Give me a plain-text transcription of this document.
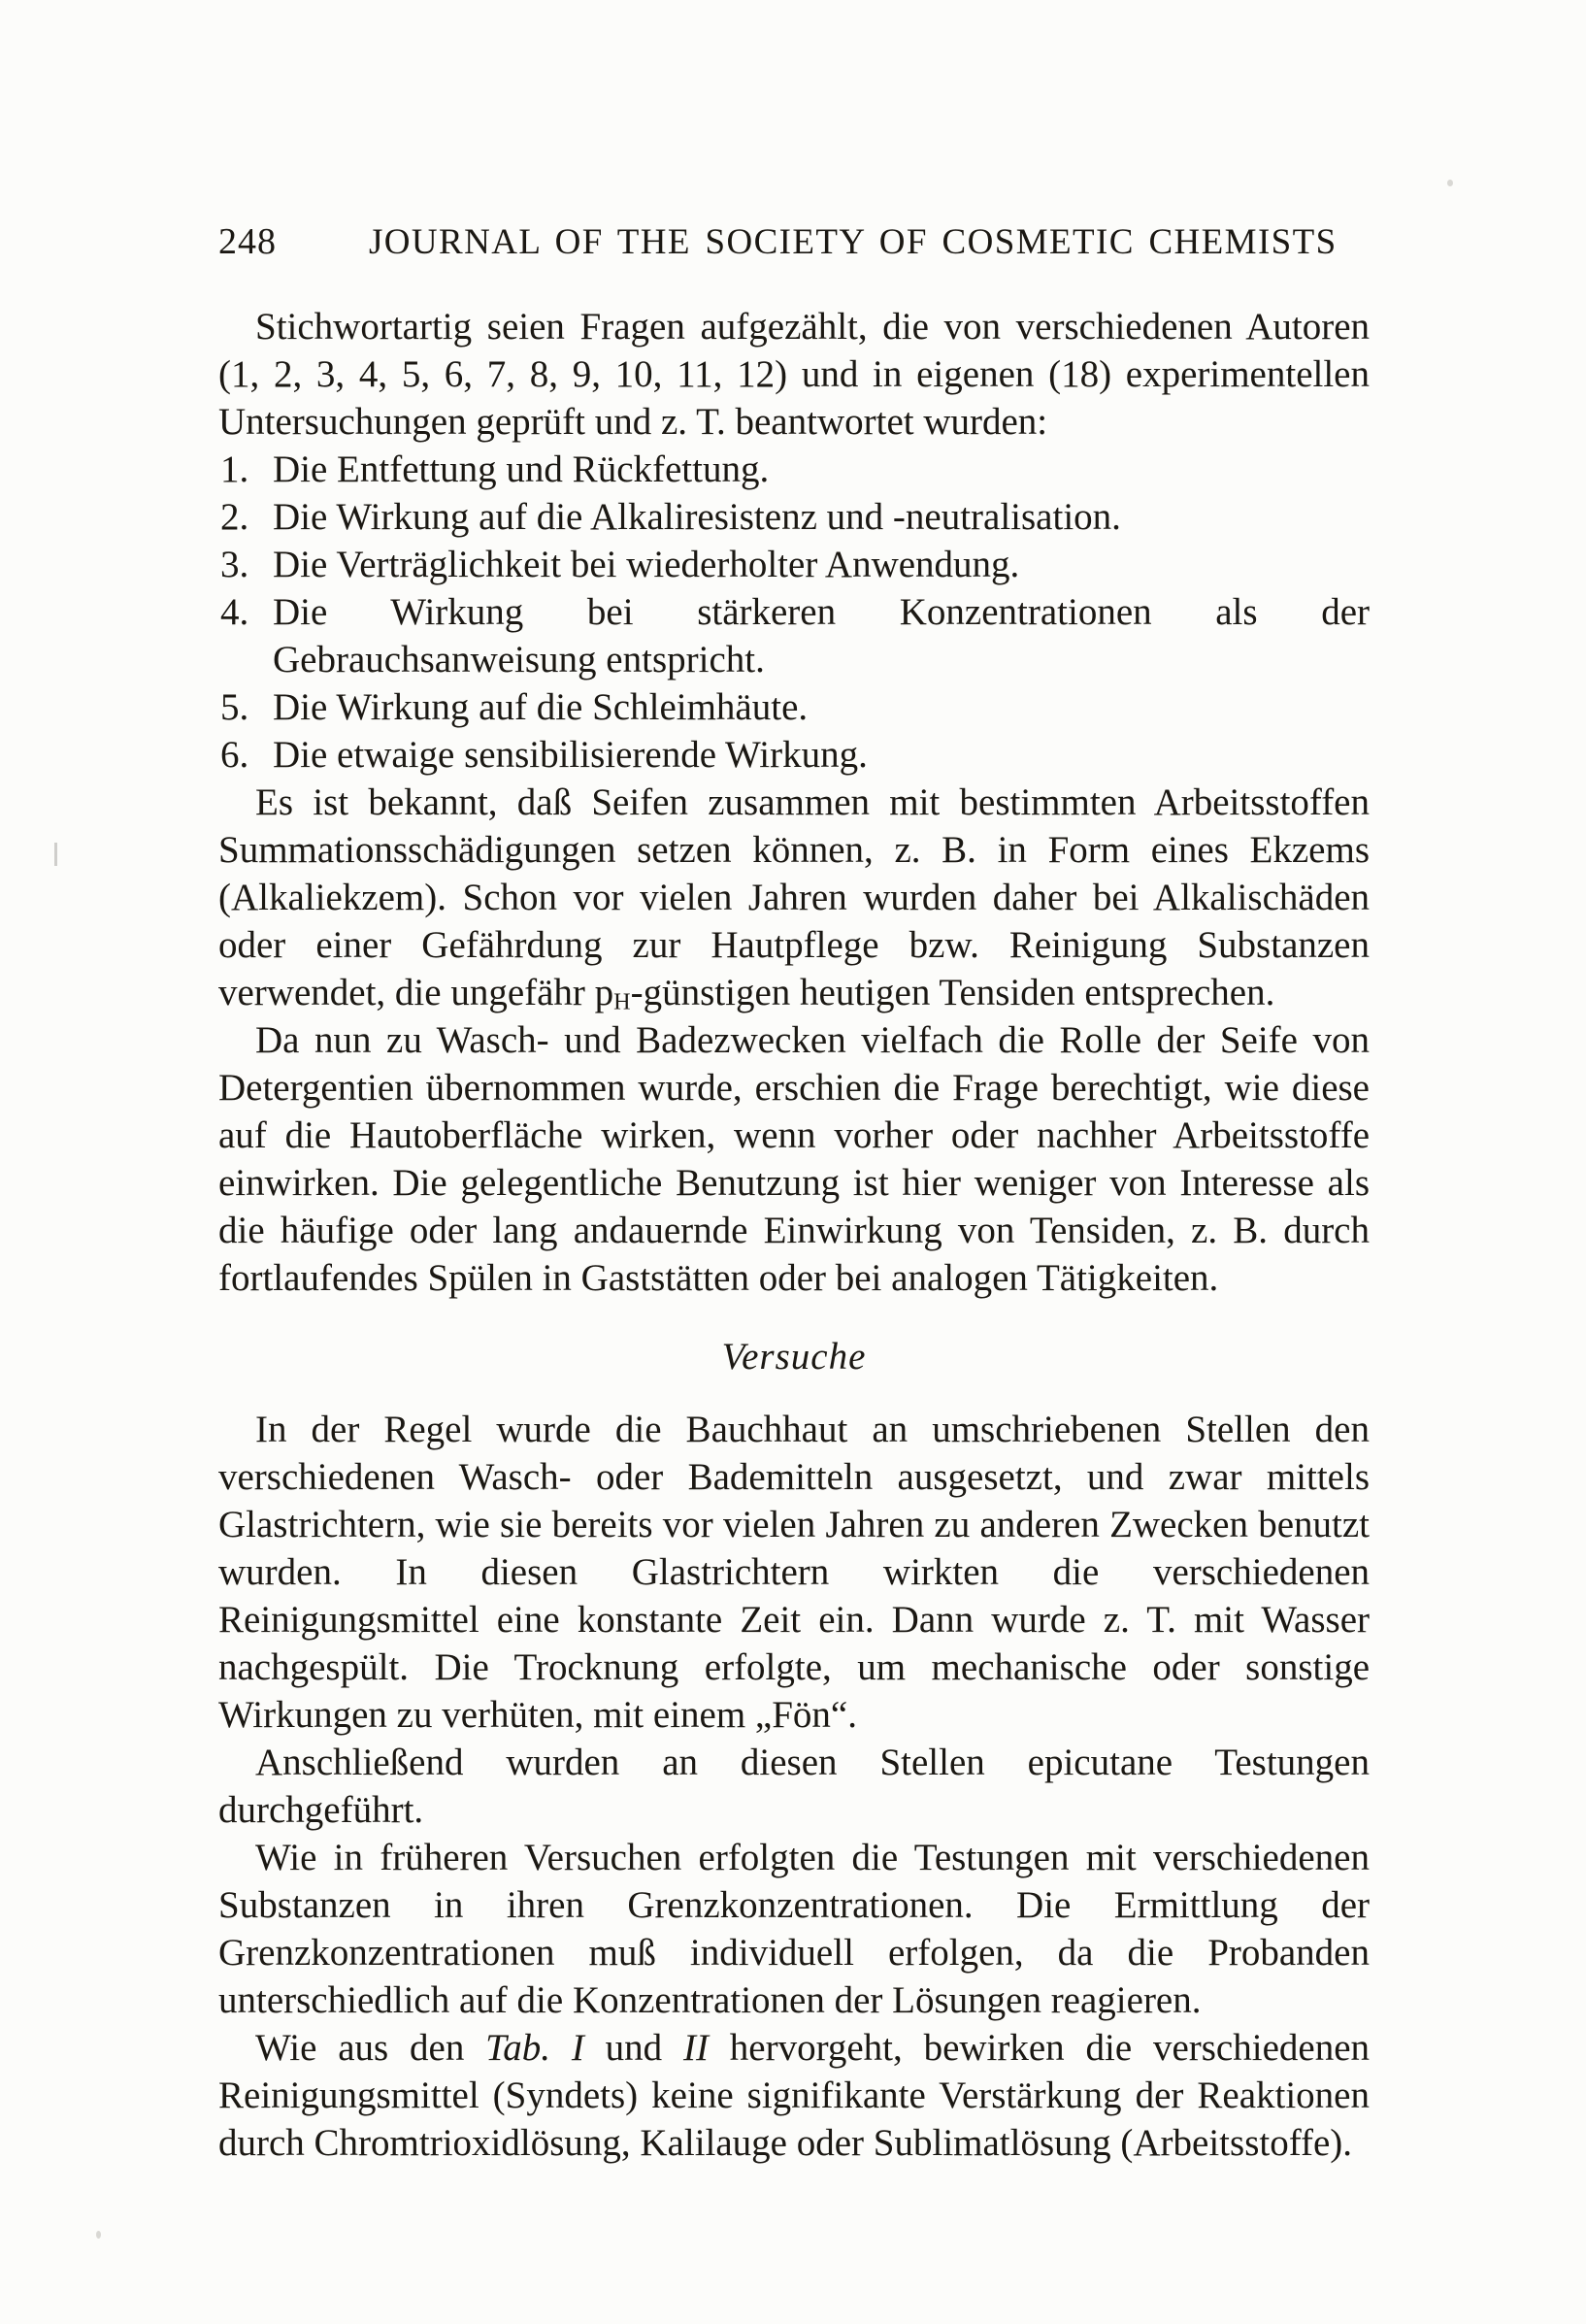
248	JOURNAL OF THE SOCIETY OF COSMETIC CHEMISTS

Stichwortartig seien Fragen aufgezählt, die von verschiedenen Autoren (1, 2, 3, 4, 5, 6, 7, 8, 9, 10, 11, 12) und in eigenen (18) experimentellen Untersuchungen geprüft und z. T. beantwortet wurden:

1. Die Entfettung und Rückfettung.
2. Die Wirkung auf die Alkaliresistenz und -neutralisation.
3. Die Verträglichkeit bei wiederholter Anwendung.
4. Die Wirkung bei stärkeren Konzentrationen als der Gebrauchsanweisung entspricht.
5. Die Wirkung auf die Schleimhäute.
6. Die etwaige sensibilisierende Wirkung.

Es ist bekannt, daß Seifen zusammen mit bestimmten Arbeitsstoffen Summationsschädigungen setzen können, z. B. in Form eines Ekzems (Alkaliekzem). Schon vor vielen Jahren wurden daher bei Alkalischäden oder einer Gefährdung zur Hautpflege bzw. Reinigung Substanzen verwendet, die ungefähr $p_H$-günstigen heutigen Tensiden entsprechen.

Da nun zu Wasch- und Badezwecken vielfach die Rolle der Seife von Detergentien übernommen wurde, erschien die Frage berechtigt, wie diese auf die Hautoberfläche wirken, wenn vorher oder nachher Arbeitsstoffe einwirken. Die gelegentliche Benutzung ist hier weniger von Interesse als die häufige oder lang andauernde Einwirkung von Tensiden, z. B. durch fortlaufendes Spülen in Gaststätten oder bei analogen Tätigkeiten.

Versuche

In der Regel wurde die Bauchhaut an umschriebenen Stellen den verschiedenen Wasch- oder Bademitteln ausgesetzt, und zwar mittels Glastrichtern, wie sie bereits vor vielen Jahren zu anderen Zwecken benutzt wurden. In diesen Glastrichtern wirkten die verschiedenen Reinigungsmittel eine konstante Zeit ein. Dann wurde z. T. mit Wasser nachgespült. Die Trocknung erfolgte, um mechanische oder sonstige Wirkungen zu verhüten, mit einem „Fön“.

Anschließend wurden an diesen Stellen epicutane Testungen durchgeführt.

Wie in früheren Versuchen erfolgten die Testungen mit verschiedenen Substanzen in ihren Grenzkonzentrationen. Die Ermittlung der Grenzkonzentrationen muß individuell erfolgen, da die Probanden unterschiedlich auf die Konzentrationen der Lösungen reagieren.

Wie aus den Tab. I und II hervorgeht, bewirken die verschiedenen Reinigungsmittel (Syndets) keine signifikante Verstärkung der Reaktionen durch Chromtrioxidlösung, Kalilauge oder Sublimatlösung (Arbeitsstoffe).
